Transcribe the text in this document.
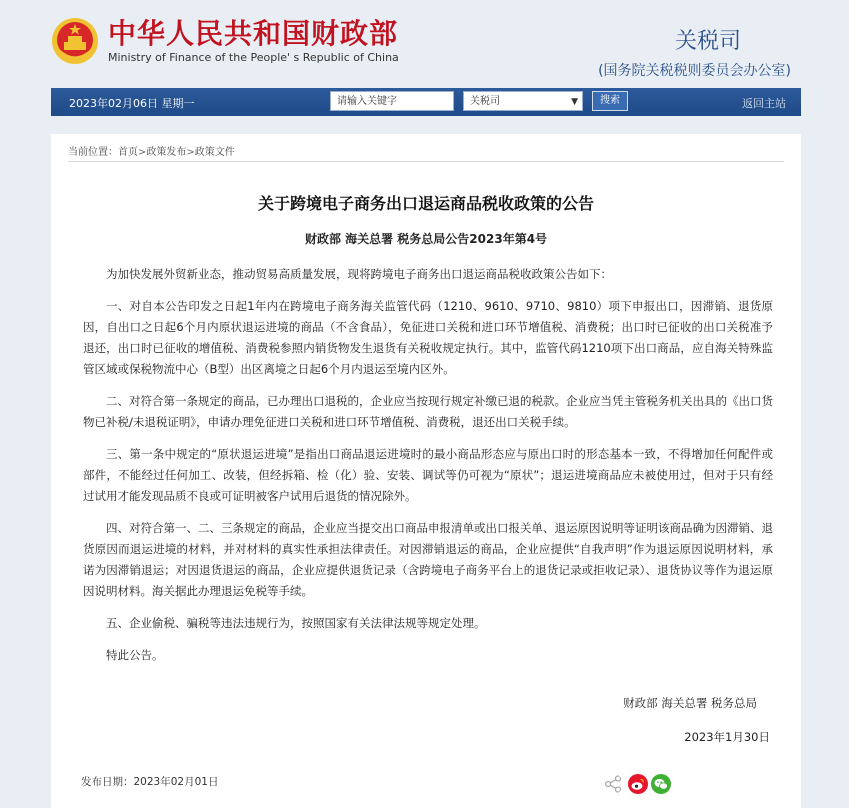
中华人民共和国财政部
Ministry of Finance of the People' s Republic of China
关税司
(国务院关税税则委员会办公室)
2023年02月06日 星期一	请输入关键字	关税司	▼	搜索	返回主站
当前位置：首页>政策发布>政策文件
关于跨境电子商务出口退运商品税收政策的公告
财政部 海关总署 税务总局公告2023年第4号

为加快发展外贸新业态，推动贸易高质量发展，现将跨境电子商务出口退运商品税收政策公告如下：

一、对自本公告印发之日起1年内在跨境电子商务海关监管代码（1210、9610、9710、9810）项下申报出口，因滞销、退货原因，自出口之日起6个月内原状退运进境的商品（不含食品），免征进口关税和进口环节增值税、消费税；出口时已征收的出口关税准予退还，出口时已征收的增值税、消费税参照内销货物发生退货有关税收规定执行。其中，监管代码1210项下出口商品，应自海关特殊监管区域或保税物流中心（B型）出区离境之日起6个月内退运至境内区外。

二、对符合第一条规定的商品，已办理出口退税的，企业应当按现行规定补缴已退的税款。企业应当凭主管税务机关出具的《出口货物已补税/未退税证明》，申请办理免征进口关税和进口环节增值税、消费税，退还出口关税手续。

三、第一条中规定的“原状退运进境”是指出口商品退运进境时的最小商品形态应与原出口时的形态基本一致，不得增加任何配件或部件，不能经过任何加工、改装，但经拆箱、检（化）验、安装、调试等仍可视为“原状”；退运进境商品应未被使用过，但对于只有经过试用才能发现品质不良或可证明被客户试用后退货的情况除外。

四、对符合第一、二、三条规定的商品，企业应当提交出口商品申报清单或出口报关单、退运原因说明等证明该商品确为因滞销、退货原因而退运进境的材料，并对材料的真实性承担法律责任。对因滞销退运的商品，企业应提供“自我声明”作为退运原因说明材料，承诺为因滞销退运；对因退货退运的商品，企业应提供退货记录（含跨境电子商务平台上的退货记录或拒收记录）、退货协议等作为退运原因说明材料。海关据此办理退运免税等手续。

五、企业偷税、骗税等违法违规行为，按照国家有关法律法规等规定处理。

特此公告。

财政部 海关总署 税务总局
2023年1月30日
发布日期：2023年02月01日
